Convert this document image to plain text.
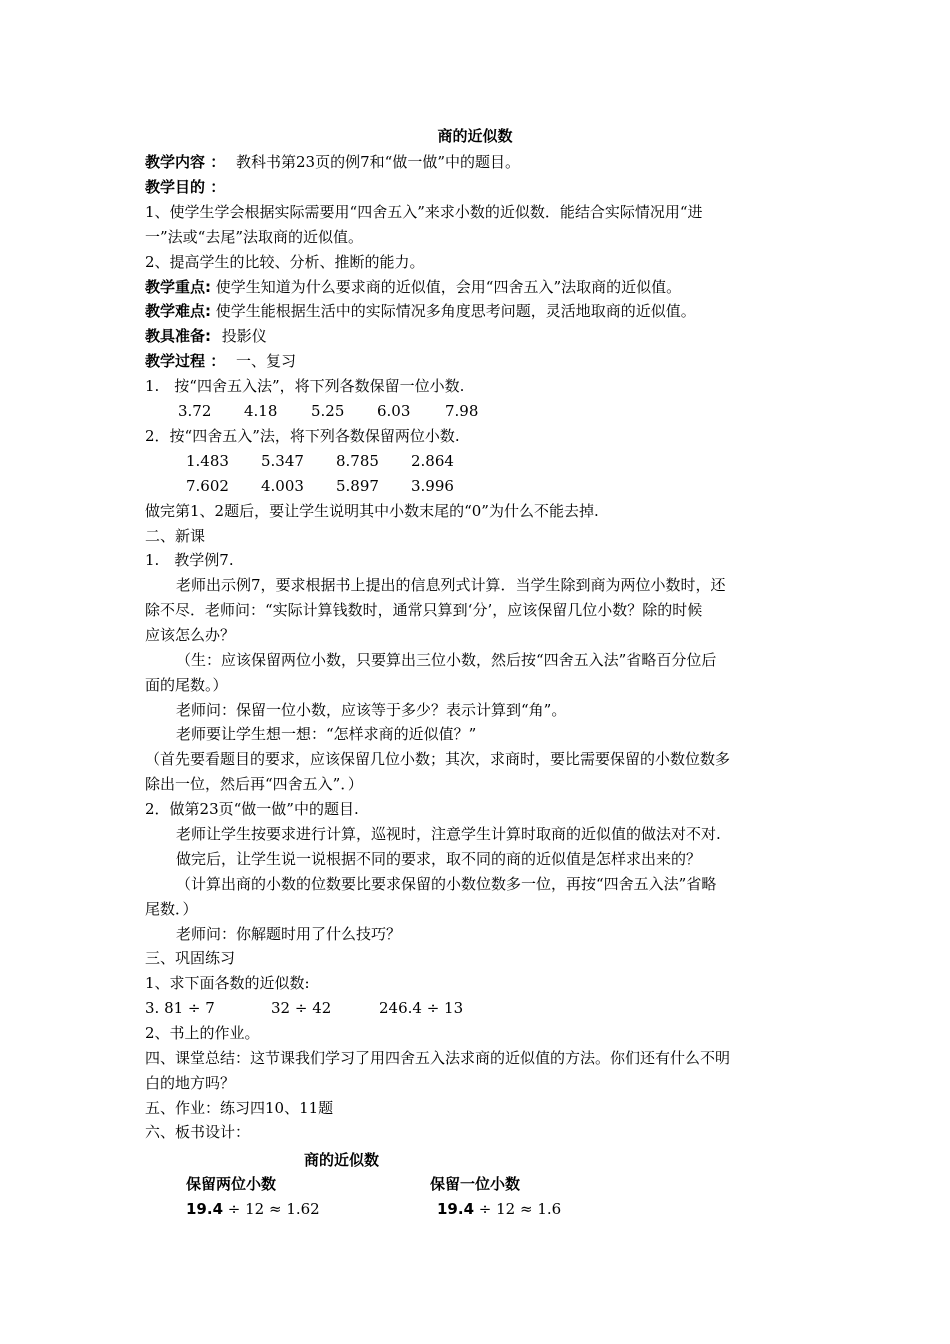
商的近似数
教学内容 ： 教科书第23页的例7和“做一做”中的题目。
教学目的 ：
1、使学生学会根据实际需要用“四舍五入”来求小数的近似数．能结合实际情况用“进
一”法或“去尾”法取商的近似值。
2、提高学生的比较、分析、推断的能力。
教学重点: 使学生知道为什么要求商的近似值，会用“四舍五入”法取商的近似值。
教学难点: 使学生能根据生活中的实际情况多角度思考问题，灵活地取商的近似值。
教具准备: 投影仪
教学过程 ： 一、复习
1.　按“四舍五入法”，将下列各数保留一位小数.
3.72 4.18 5.25 6.03 7.98
2．按“四舍五入”法，将下列各数保留两位小数.
1.483 5.347 8.785 2.864
7.602 4.003 5.897 3.996
做完第1、2题后，要让学生说明其中小数末尾的“0”为什么不能去掉.
二、新课
1.　教学例7.
老师出示例7，要求根据书上提出的信息列式计算．当学生除到商为两位小数时，还
除不尽．老师问：“实际计算钱数时，通常只算到‘分’，应该保留几位小数？除的时候
应该怎么办？
（生：应该保留两位小数，只要算出三位小数，然后按“四舍五入法”省略百分位后
面的尾数。）
老师问：保留一位小数，应该等于多少？表示计算到“角”。
老师要让学生想一想：“怎样求商的近似值？”
（首先要看题目的要求，应该保留几位小数；其次，求商时，要比需要保留的小数位数多
除出一位，然后再“四舍五入”．）
2．做第23页“做一做”中的题目.
老师让学生按要求进行计算，巡视时，注意学生计算时取商的近似值的做法对不对.
做完后，让学生说一说根据不同的要求，取不同的商的近似值是怎样求出来的？
（计算出商的小数的位数要比要求保留的小数位数多一位，再按“四舍五入法”省略
尾数．）
老师问：你解题时用了什么技巧？
三、巩固练习
1、求下面各数的近似数:
3. 81 ÷ 7	32 ÷ 42	246.4 ÷ 13
2、书上的作业。
四、课堂总结：这节课我们学习了用四舍五入法求商的近似值的方法。你们还有什么不明
白的地方吗？
五、作业：练习四10、11题
六、板书设计：
商的近似数
保留两位小数	保留一位小数
19.4 ÷ 12 ≈ 1.62	19.4 ÷ 12 ≈ 1.6
